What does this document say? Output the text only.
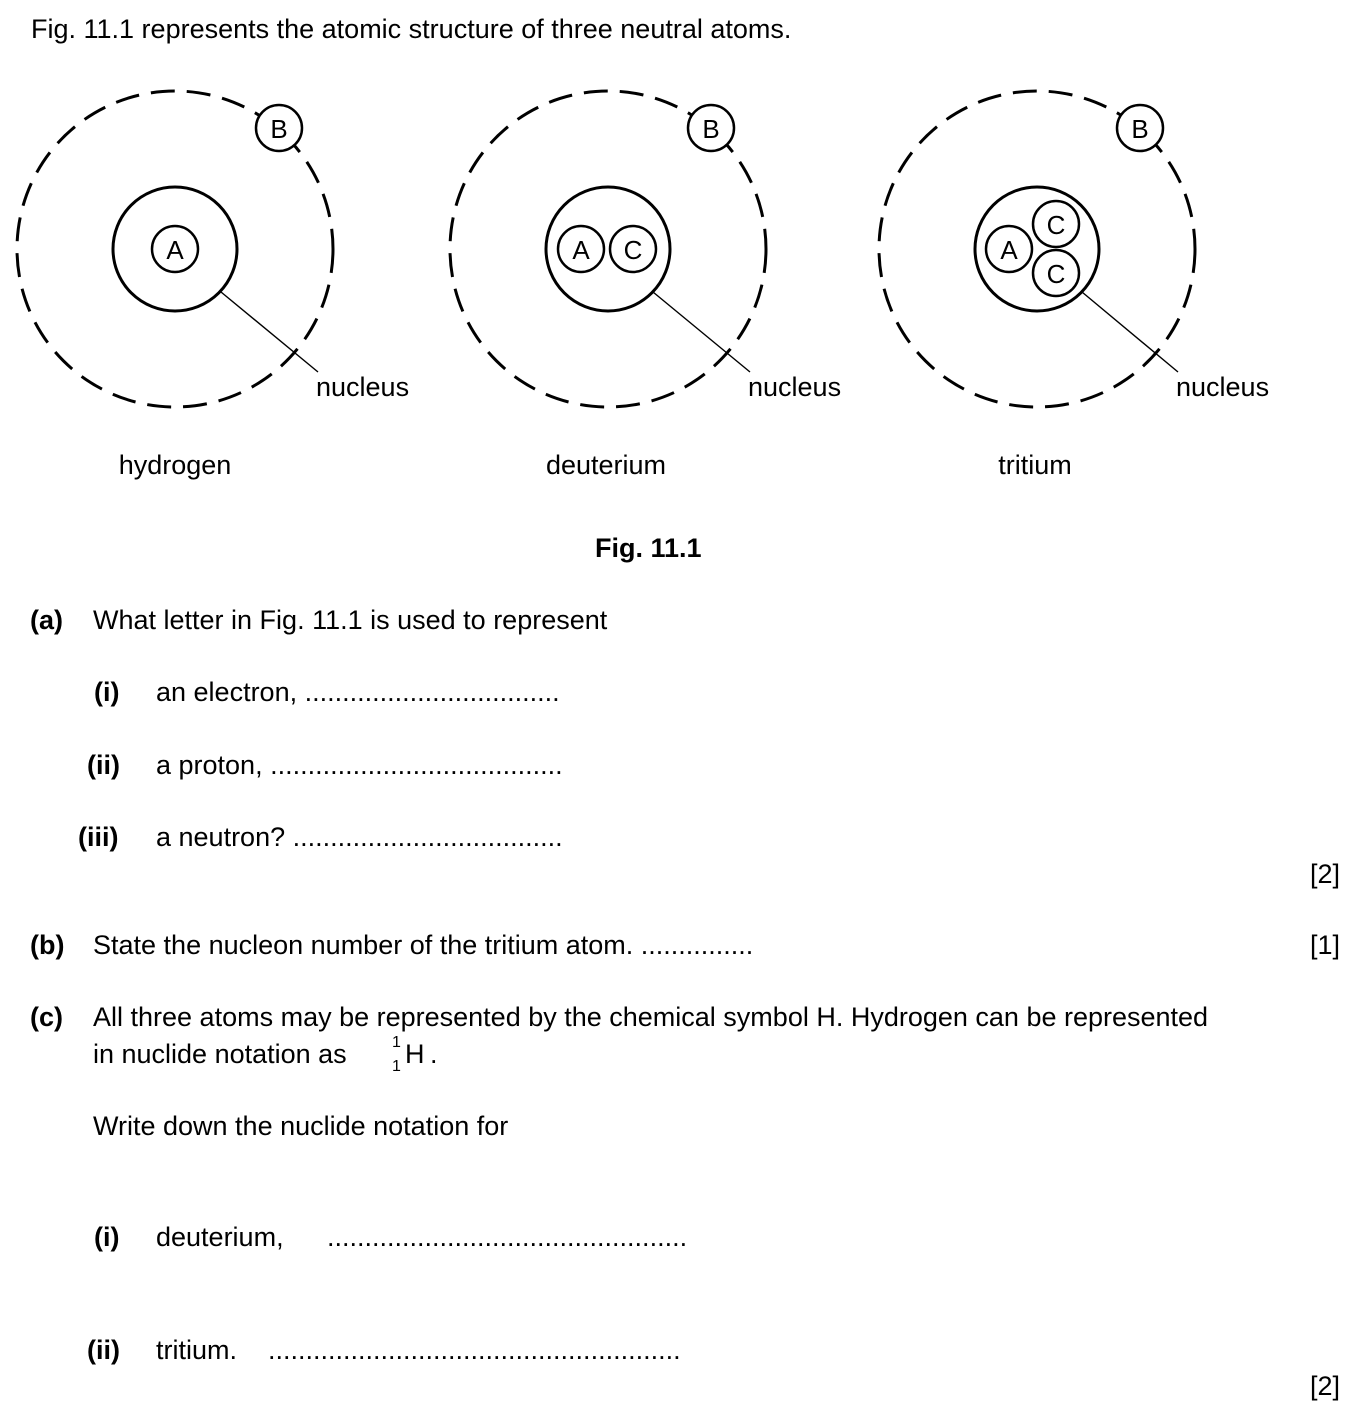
Fig. 11.1 represents the atomic structure of three neutral atoms.
B
A
B
A C
B
A
C
C
nucleus	nucleus	nucleus
hydrogen	deuterium	tritium
Fig. 11.1
(a) What letter in Fig. 11.1 is used to represent
(i) an electron, ..................................
(ii) a proton, .......................................
(iii) a neutron? ....................................
[2]
(b) State the nucleon number of the tritium atom. ...............	[1]
(c) All three atoms may be represented by the chemical symbol H. Hydrogen can be represented
in nuclide notation as	1
1 H .
Write down the nuclide notation for
(i) deuterium, ................................................
(ii) tritium. .......................................................
[2]
